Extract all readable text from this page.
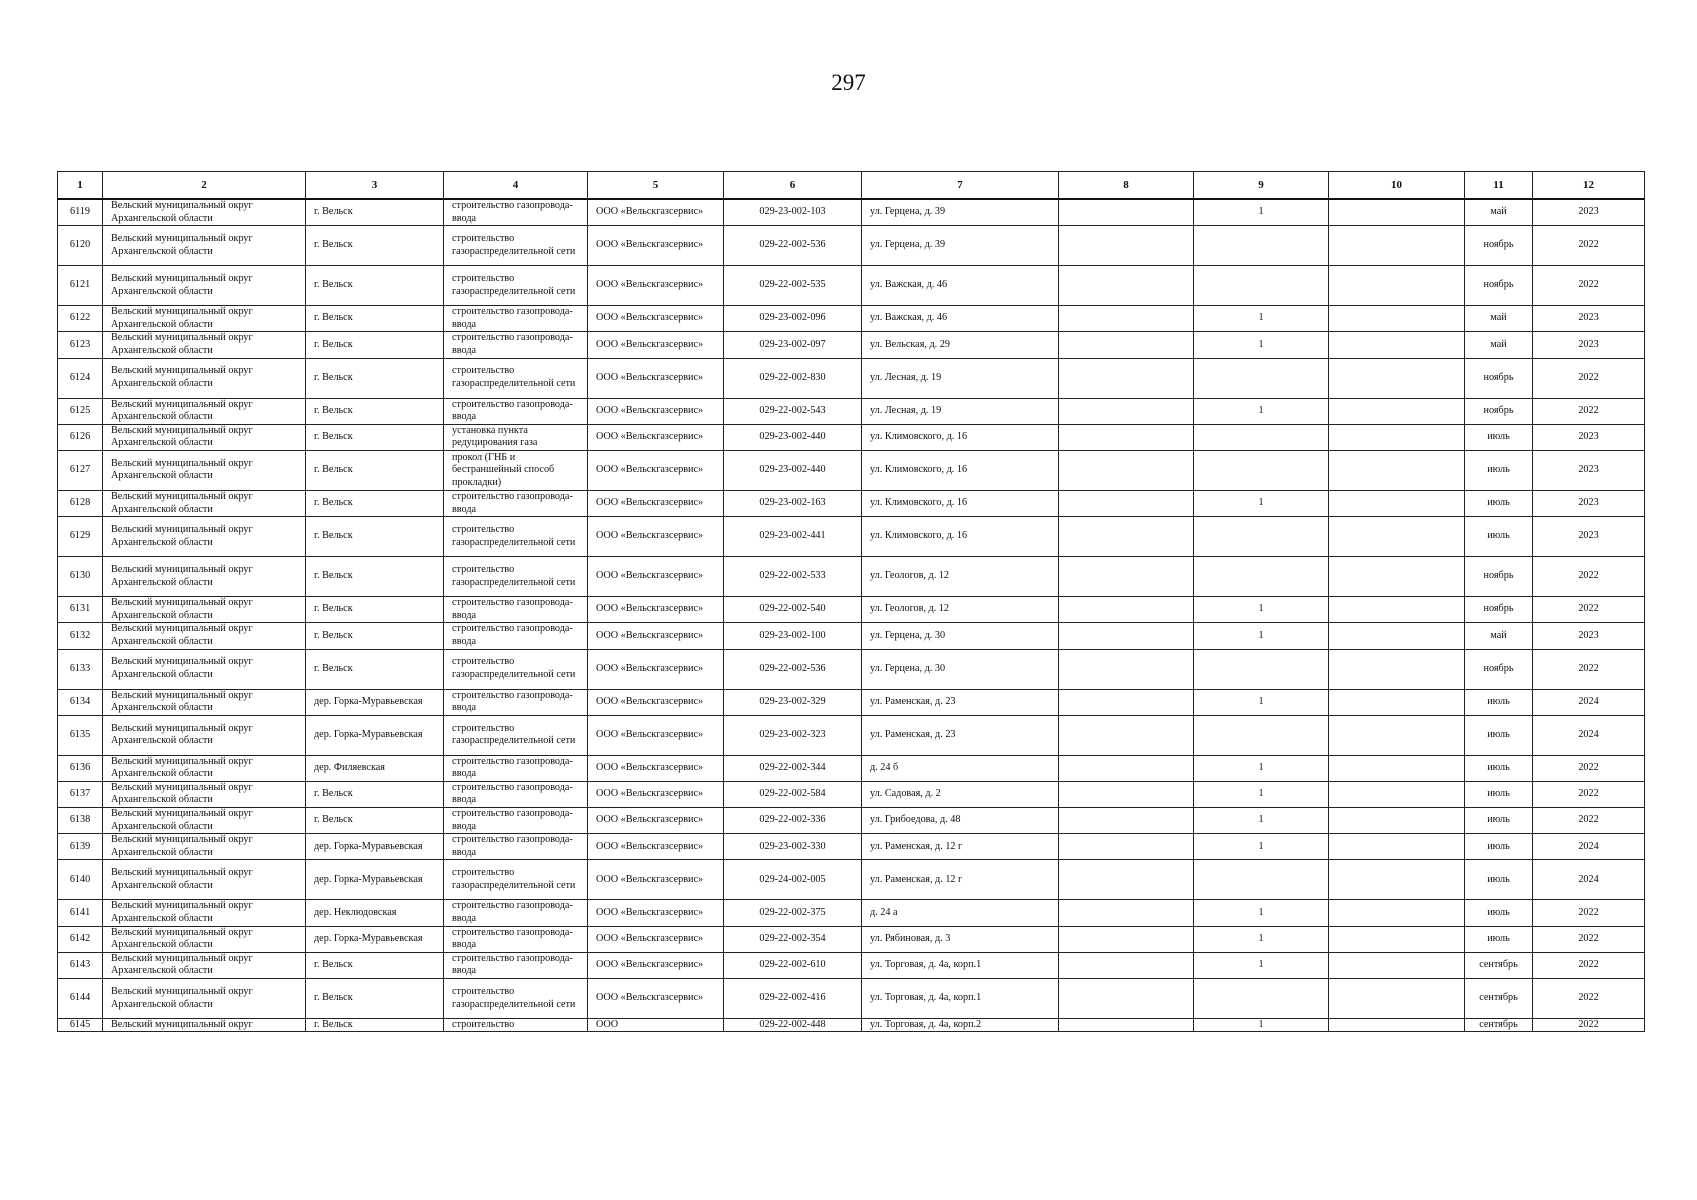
297
1	2	3	4	5	6	7	8	9	10	11	12
6119	Вельский муниципальный округ Архангельской области	г. Вельск	строительство газопровода-ввода	ООО «Вельскгазсервис»	029-23-002-103	ул. Герцена, д. 39		1		май	2023
6120	Вельский муниципальный округ Архангельской области	г. Вельск	строительство газораспределительной сети	ООО «Вельскгазсервис»	029-22-002-536	ул. Герцена, д. 39				ноябрь	2022
6121	Вельский муниципальный округ Архангельской области	г. Вельск	строительство газораспределительной сети	ООО «Вельскгазсервис»	029-22-002-535	ул. Важская, д. 46				ноябрь	2022
6122	Вельский муниципальный округ Архангельской области	г. Вельск	строительство газопровода-ввода	ООО «Вельскгазсервис»	029-23-002-096	ул. Важская, д. 46		1		май	2023
6123	Вельский муниципальный округ Архангельской области	г. Вельск	строительство газопровода-ввода	ООО «Вельскгазсервис»	029-23-002-097	ул. Вельская, д. 29		1		май	2023
6124	Вельский муниципальный округ Архангельской области	г. Вельск	строительство газораспределительной сети	ООО «Вельскгазсервис»	029-22-002-830	ул. Лесная, д. 19				ноябрь	2022
6125	Вельский муниципальный округ Архангельской области	г. Вельск	строительство газопровода-ввода	ООО «Вельскгазсервис»	029-22-002-543	ул. Лесная, д. 19		1		ноябрь	2022
6126	Вельский муниципальный округ Архангельской области	г. Вельск	установка пункта редуцирования газа	ООО «Вельскгазсервис»	029-23-002-440	ул. Климовского, д. 16				июль	2023
6127	Вельский муниципальный округ Архангельской области	г. Вельск	прокол (ГНБ и бестраншейный способ прокладки)	ООО «Вельскгазсервис»	029-23-002-440	ул. Климовского, д. 16				июль	2023
6128	Вельский муниципальный округ Архангельской области	г. Вельск	строительство газопровода-ввода	ООО «Вельскгазсервис»	029-23-002-163	ул. Климовского, д. 16		1		июль	2023
6129	Вельский муниципальный округ Архангельской области	г. Вельск	строительство газораспределительной сети	ООО «Вельскгазсервис»	029-23-002-441	ул. Климовского, д. 16				июль	2023
6130	Вельский муниципальный округ Архангельской области	г. Вельск	строительство газораспределительной сети	ООО «Вельскгазсервис»	029-22-002-533	ул. Геологов, д. 12				ноябрь	2022
6131	Вельский муниципальный округ Архангельской области	г. Вельск	строительство газопровода-ввода	ООО «Вельскгазсервис»	029-22-002-540	ул. Геологов, д. 12		1		ноябрь	2022
6132	Вельский муниципальный округ Архангельской области	г. Вельск	строительство газопровода-ввода	ООО «Вельскгазсервис»	029-23-002-100	ул. Герцена, д. 30		1		май	2023
6133	Вельский муниципальный округ Архангельской области	г. Вельск	строительство газораспределительной сети	ООО «Вельскгазсервис»	029-22-002-536	ул. Герцена, д. 30				ноябрь	2022
6134	Вельский муниципальный округ Архангельской области	дер. Горка-Муравьевская	строительство газопровода-ввода	ООО «Вельскгазсервис»	029-23-002-329	ул. Раменская, д. 23		1		июль	2024
6135	Вельский муниципальный округ Архангельской области	дер. Горка-Муравьевская	строительство газораспределительной сети	ООО «Вельскгазсервис»	029-23-002-323	ул. Раменская, д. 23				июль	2024
6136	Вельский муниципальный округ Архангельской области	дер. Филяевская	строительство газопровода-ввода	ООО «Вельскгазсервис»	029-22-002-344	д. 24 б		1		июль	2022
6137	Вельский муниципальный округ Архангельской области	г. Вельск	строительство газопровода-ввода	ООО «Вельскгазсервис»	029-22-002-584	ул. Садовая, д. 2		1		июль	2022
6138	Вельский муниципальный округ Архангельской области	г. Вельск	строительство газопровода-ввода	ООО «Вельскгазсервис»	029-22-002-336	ул. Грибоедова, д. 48		1		июль	2022
6139	Вельский муниципальный округ Архангельской области	дер. Горка-Муравьевская	строительство газопровода-ввода	ООО «Вельскгазсервис»	029-23-002-330	ул. Раменская, д. 12 г		1		июль	2024
6140	Вельский муниципальный округ Архангельской области	дер. Горка-Муравьевская	строительство газораспределительной сети	ООО «Вельскгазсервис»	029-24-002-005	ул. Раменская, д. 12 г				июль	2024
6141	Вельский муниципальный округ Архангельской области	дер. Неклюдовская	строительство газопровода-ввода	ООО «Вельскгазсервис»	029-22-002-375	д. 24 а		1		июль	2022
6142	Вельский муниципальный округ Архангельской области	дер. Горка-Муравьевская	строительство газопровода-ввода	ООО «Вельскгазсервис»	029-22-002-354	ул. Рябиновая, д. 3		1		июль	2022
6143	Вельский муниципальный округ Архангельской области	г. Вельск	строительство газопровода-ввода	ООО «Вельскгазсервис»	029-22-002-610	ул. Торговая, д. 4а, корп.1		1		сентябрь	2022
6144	Вельский муниципальный округ Архангельской области	г. Вельск	строительство газораспределительной сети	ООО «Вельскгазсервис»	029-22-002-416	ул. Торговая, д. 4а, корп.1				сентябрь	2022
6145	Вельский муниципальный округ	г. Вельск	строительство	ООО	029-22-002-448	ул. Торговая, д. 4а, корп.2		1		сентябрь	2022
